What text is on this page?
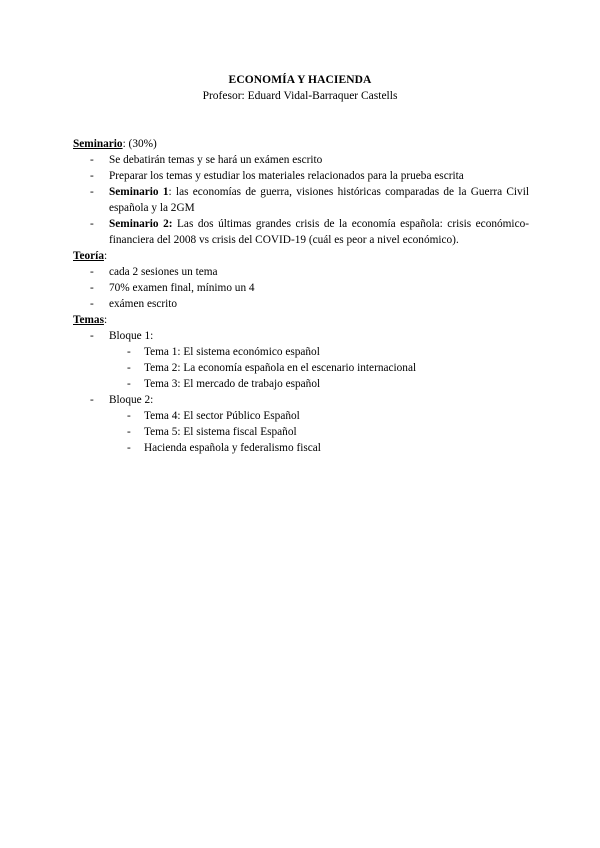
ECONOMÍA Y HACIENDA
Profesor: Eduard Vidal-Barraquer Castells
Seminario: (30%)
- Se debatirán temas y se hará un exámen escrito
- Preparar los temas y estudiar los materiales relacionados para la prueba escrita
- Seminario 1: las economías de guerra, visiones históricas comparadas de la Guerra Civil española y la 2GM
- Seminario 2: Las dos últimas grandes crisis de la economía española: crisis económico-financiera del 2008 vs crisis del COVID-19 (cuál es peor a nivel económico).
Teoría:
- cada 2 sesiones un tema
- 70% examen final, mínimo un 4
- exámen escrito
Temas:
- Bloque 1:
- Tema 1: El sistema económico español
- Tema 2: La economía española en el escenario internacional
- Tema 3: El mercado de trabajo español
- Bloque 2:
- Tema 4: El sector Público Español
- Tema 5: El sistema fiscal Español
- Hacienda española y federalismo fiscal
